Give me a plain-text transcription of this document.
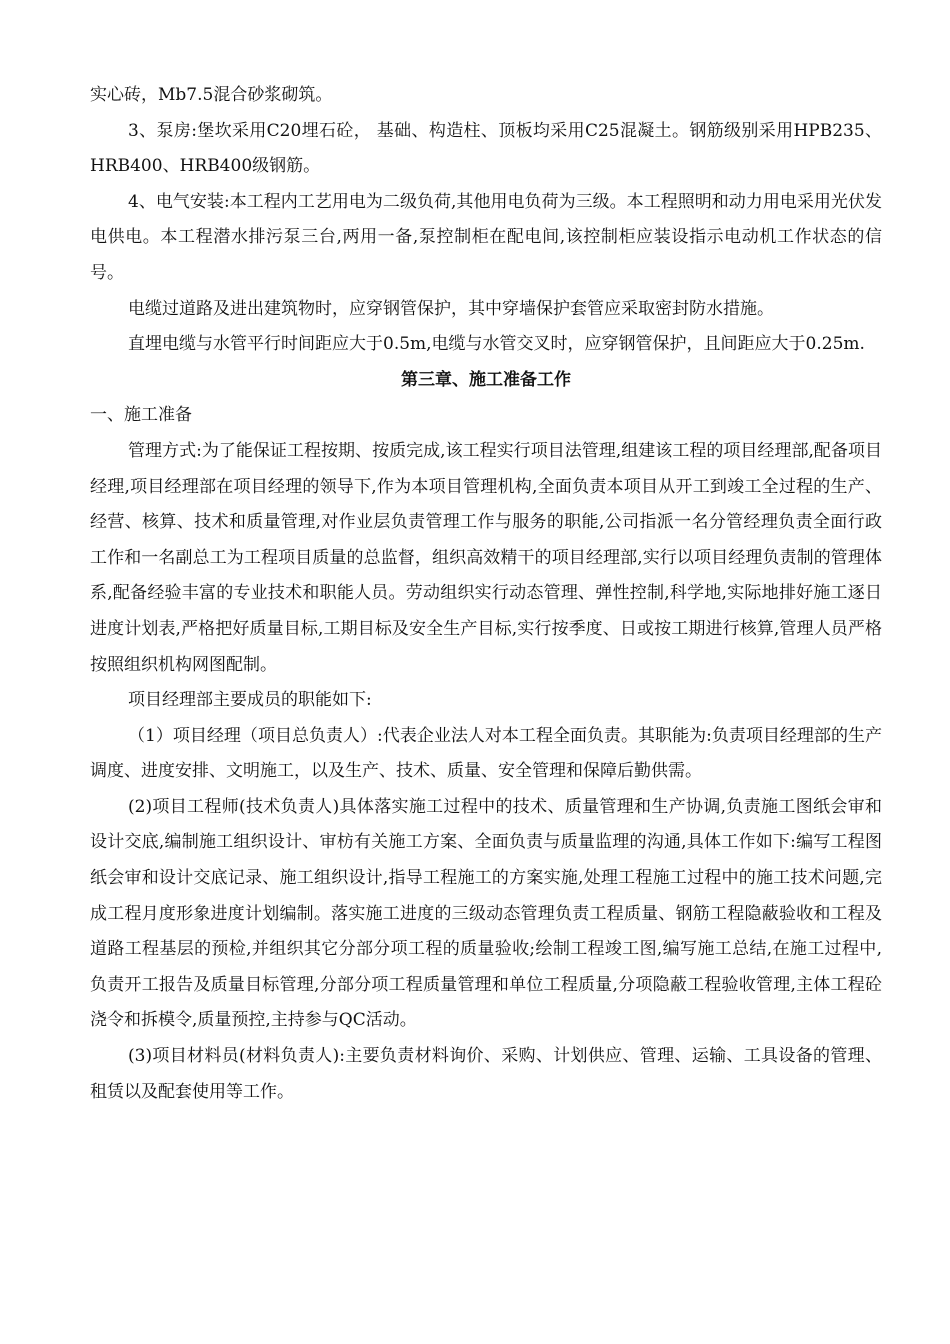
实心砖，Mb7.5混合砂浆砌筑。

3、泵房:堡坎采用C20埋石砼， 基础、构造柱、顶板均采用C25混凝土。钢筋级别采用HPB235、HRB400、HRB400级钢筋。

4、电气安装:本工程内工艺用电为二级负荷,其他用电负荷为三级。本工程照明和动力用电采用光伏发电供电。本工程潜水排污泵三台,两用一备,泵控制柜在配电间,该控制柜应装设指示电动机工作状态的信号。

电缆过道路及进出建筑物时，应穿钢管保护，其中穿墙保护套管应采取密封防水措施。

直埋电缆与水管平行时间距应大于0.5m,电缆与水管交叉时，应穿钢管保护，且间距应大于0.25m.

第三章、施工准备工作

一、施工准备

管理方式:为了能保证工程按期、按质完成,该工程实行项目法管理,组建该工程的项目经理部,配备项目经理,项目经理部在项目经理的领导下,作为本项目管理机构,全面负责本项目从开工到竣工全过程的生产、经营、核算、技术和质量管理,对作业层负责管理工作与服务的职能,公司指派一名分管经理负责全面行政工作和一名副总工为工程项目质量的总监督，组织高效精干的项目经理部,实行以项目经理负责制的管理体系,配备经验丰富的专业技术和职能人员。劳动组织实行动态管理、弹性控制,科学地,实际地排好施工逐日进度计划表,严格把好质量目标,工期目标及安全生产目标,实行按季度、日或按工期进行核算,管理人员严格按照组织机构网图配制。

项目经理部主要成员的职能如下:

（1）项目经理（项目总负责人）:代表企业法人对本工程全面负责。其职能为:负责项目经理部的生产调度、进度安排、文明施工，以及生产、技术、质量、安全管理和保障后勤供需。

(2)项目工程师(技术负责人)具体落实施工过程中的技术、质量管理和生产协调,负责施工图纸会审和设计交底,编制施工组织设计、审枋有关施工方案、全面负责与质量监理的沟通,具体工作如下:编写工程图纸会审和设计交底记录、施工组织设计,指导工程施工的方案实施,处理工程施工过程中的施工技术问题,完成工程月度形象进度计划编制。落实施工进度的三级动态管理负责工程质量、钢筋工程隐蔽验收和工程及道路工程基层的预检,并组织其它分部分项工程的质量验收;绘制工程竣工图,编写施工总结,在施工过程中,负责开工报告及质量目标管理,分部分项工程质量管理和单位工程质量,分项隐蔽工程验收管理,主体工程砼浇令和拆模令,质量预控,主持参与QC活动。

(3)项目材料员(材料负责人):主要负责材料询价、采购、计划供应、管理、运输、工具设备的管理、租赁以及配套使用等工作。
